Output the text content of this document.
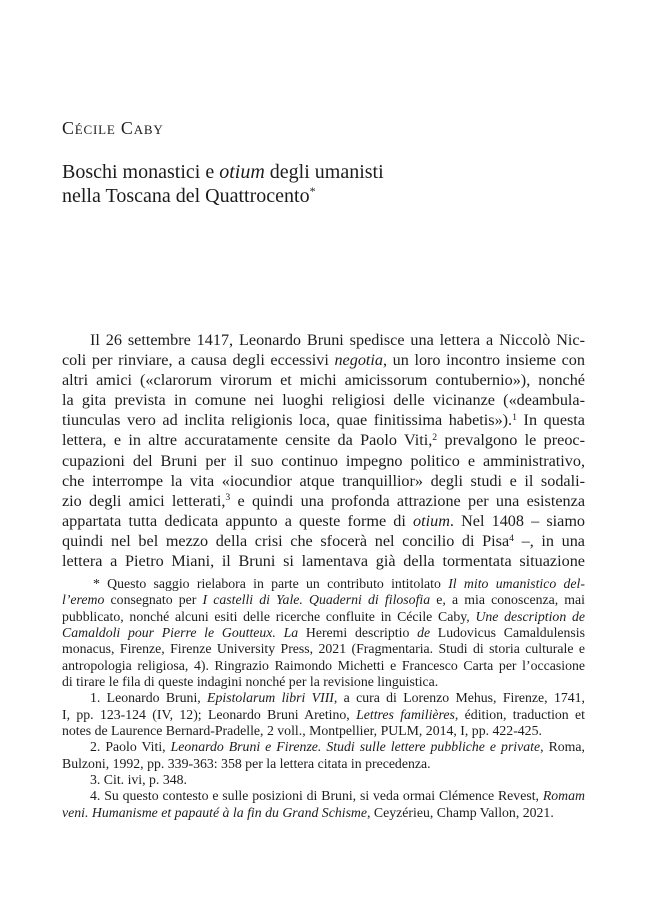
Cécile Caby
Boschi monastici e otium degli umanisti
nella Toscana del Quattrocento*
Il 26 settembre 1417, Leonardo Bruni spedisce una lettera a Niccolò Nic-
coli per rinviare, a causa degli eccessivi negotia, un loro incontro insieme con
altri amici («clarorum virorum et michi amicissorum contubernio»), nonché
la gita prevista in comune nei luoghi religiosi delle vicinanze («deambula-
tiunculas vero ad inclita religionis loca, quae finitissima habetis»).$^1$ In questa
lettera, e in altre accuratamente censite da Paolo Viti,$^2$ prevalgono le preoc-
cupazioni del Bruni per il suo continuo impegno politico e amministrativo,
che interrompe la vita «iocundior atque tranquillior» degli studi e il sodali-
zio degli amici letterati,$^3$ e quindi una profonda attrazione per una esistenza
appartata tutta dedicata appunto a queste forme di otium. Nel 1408 – siamo
quindi nel bel mezzo della crisi che sfocerà nel concilio di Pisa$^4$ –, in una
lettera a Pietro Miani, il Bruni si lamentava già della tormentata situazione
* Questo saggio rielabora in parte un contributo intitolato Il mito umanistico del-
l’eremo consegnato per I castelli di Yale. Quaderni di filosofia e, a mia conoscenza, mai
pubblicato, nonché alcuni esiti delle ricerche confluite in Cécile Caby, Une description de
Camaldoli pour Pierre le Goutteux. La Heremi descriptio de Ludovicus Camaldulensis
monacus, Firenze, Firenze University Press, 2021 (Fragmentaria. Studi di storia culturale e
antropologia religiosa, 4). Ringrazio Raimondo Michetti e Francesco Carta per l’occasione
di tirare le fila di queste indagini nonché per la revisione linguistica.
1. Leonardo Bruni, Epistolarum libri VIII, a cura di Lorenzo Mehus, Firenze, 1741,
I, pp. 123-124 (IV, 12); Leonardo Bruni Aretino, Lettres familières, édition, traduction et
notes de Laurence Bernard-Pradelle, 2 voll., Montpellier, PULM, 2014, I, pp. 422-425.
2. Paolo Viti, Leonardo Bruni e Firenze. Studi sulle lettere pubbliche e private, Roma,
Bulzoni, 1992, pp. 339-363: 358 per la lettera citata in precedenza.
3. Cit. ivi, p. 348.
4. Su questo contesto e sulle posizioni di Bruni, si veda ormai Clémence Revest, Romam
veni. Humanisme et papauté à la fin du Grand Schisme, Ceyzérieu, Champ Vallon, 2021.
